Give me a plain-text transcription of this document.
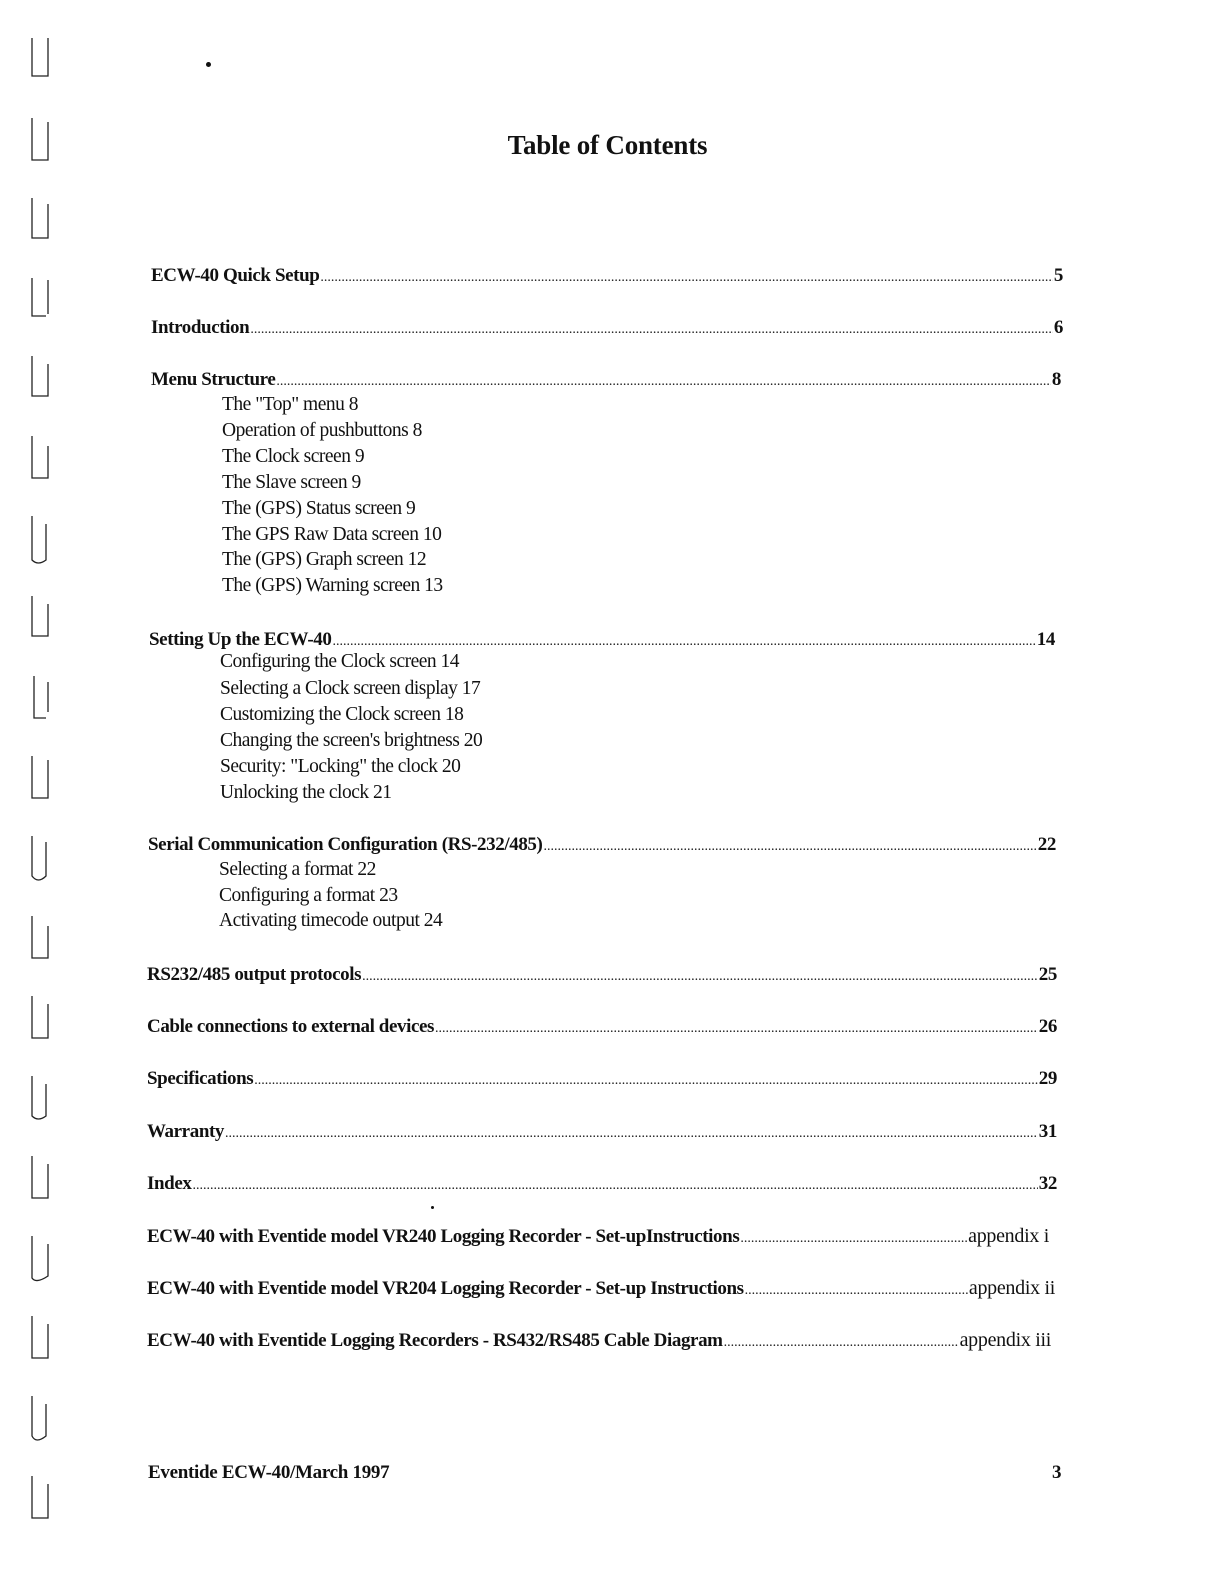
Table of Contents
ECW-40 Quick Setup .....	5
Introduction .....	6
Menu Structure .....	8
The "Top" menu 8
Operation of pushbuttons 8
The Clock screen 9
The Slave screen 9
The (GPS) Status screen 9
The GPS Raw Data screen 10
The (GPS) Graph screen 12
The (GPS) Warning screen 13
Setting Up the ECW-40 .....	14
Configuring the Clock screen 14
Selecting a Clock screen display 17
Customizing the Clock screen 18
Changing the screen's brightness 20
Security: "Locking" the clock 20
Unlocking the clock 21
Serial Communication Configuration (RS-232/485) .....	22
Selecting a format 22
Configuring a format 23
Activating timecode output 24
RS232/485 output protocols .....	25
Cable connections to external devices .....	26
Specifications .....	29
Warranty .....	31
Index .....	32
ECW-40 with Eventide model VR240 Logging Recorder - Set-upInstructions .....	appendix i
ECW-40 with Eventide model VR204 Logging Recorder - Set-up Instructions .....	appendix ii
ECW-40 with Eventide Logging Recorders - RS432/RS485 Cable Diagram .....	appendix iii
Eventide ECW-40/March 1997	3
